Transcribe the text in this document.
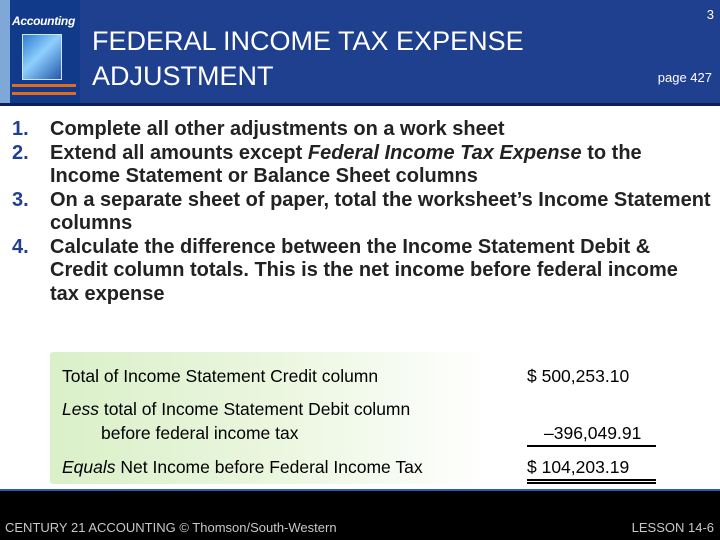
Accounting	3
FEDERAL INCOME TAX EXPENSE
ADJUSTMENT	page 427
1. Complete all other adjustments on a work sheet
2. Extend all amounts except Federal Income Tax Expense to the Income Statement or Balance Sheet columns
3. On a separate sheet of paper, total the worksheet’s Income Statement columns
4. Calculate the difference between the Income Statement Debit & Credit column totals. This is the net income before federal income tax expense
Total of Income Statement Credit column	$ 500,253.10
Less total of Income Statement Debit column
before federal income tax	–396,049.91
Equals Net Income before Federal Income Tax	$ 104,203.19
CENTURY 21 ACCOUNTING © Thomson/South-Western	LESSON 14-6
